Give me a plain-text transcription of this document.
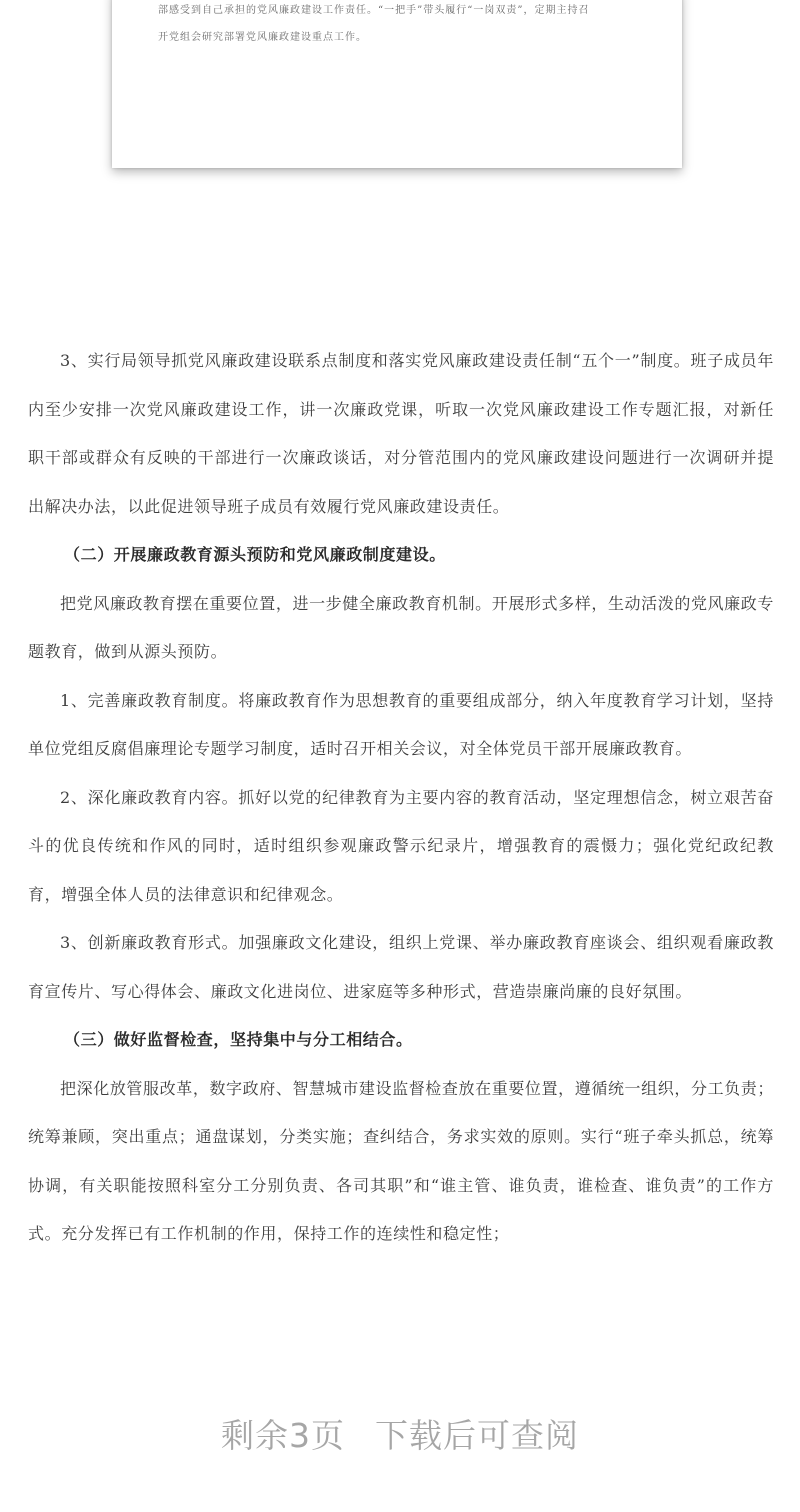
部感受到自己承担的党风廉政建设工作责任。“一把手”带头履行“一岗双责”，定期主持召
开党组会研究部署党风廉政建设重点工作。

3、实行局领导抓党风廉政建设联系点制度和落实党风廉政建设责任制“五个一”制度。班子成员年内至少安排一次党风廉政建设工作，讲一次廉政党课，听取一次党风廉政建设工作专题汇报，对新任职干部或群众有反映的干部进行一次廉政谈话，对分管范围内的党风廉政建设问题进行一次调研并提出解决办法，以此促进领导班子成员有效履行党风廉政建设责任。

（二）开展廉政教育源头预防和党风廉政制度建设。

把党风廉政教育摆在重要位置，进一步健全廉政教育机制。开展形式多样，生动活泼的党风廉政专题教育，做到从源头预防。

1、完善廉政教育制度。将廉政教育作为思想教育的重要组成部分，纳入年度教育学习计划，坚持单位党组反腐倡廉理论专题学习制度，适时召开相关会议，对全体党员干部开展廉政教育。

2、深化廉政教育内容。抓好以党的纪律教育为主要内容的教育活动，坚定理想信念，树立艰苦奋斗的优良传统和作风的同时，适时组织参观廉政警示纪录片，增强教育的震慑力；强化党纪政纪教育，增强全体人员的法律意识和纪律观念。

3、创新廉政教育形式。加强廉政文化建设，组织上党课、举办廉政教育座谈会、组织观看廉政教育宣传片、写心得体会、廉政文化进岗位、进家庭等多种形式，营造崇廉尚廉的良好氛围。

（三）做好监督检查，坚持集中与分工相结合。

把深化放管服改革，数字政府、智慧城市建设监督检查放在重要位置，遵循统一组织，分工负责；统筹兼顾，突出重点；通盘谋划，分类实施；查纠结合，务求实效的原则。实行“班子牵头抓总，统筹协调，有关职能按照科室分工分别负责、各司其职”和“谁主管、谁负责，谁检查、谁负责”的工作方式。充分发挥已有工作机制的作用，保持工作的连续性和稳定性；

剩余3页 下载后可查阅
